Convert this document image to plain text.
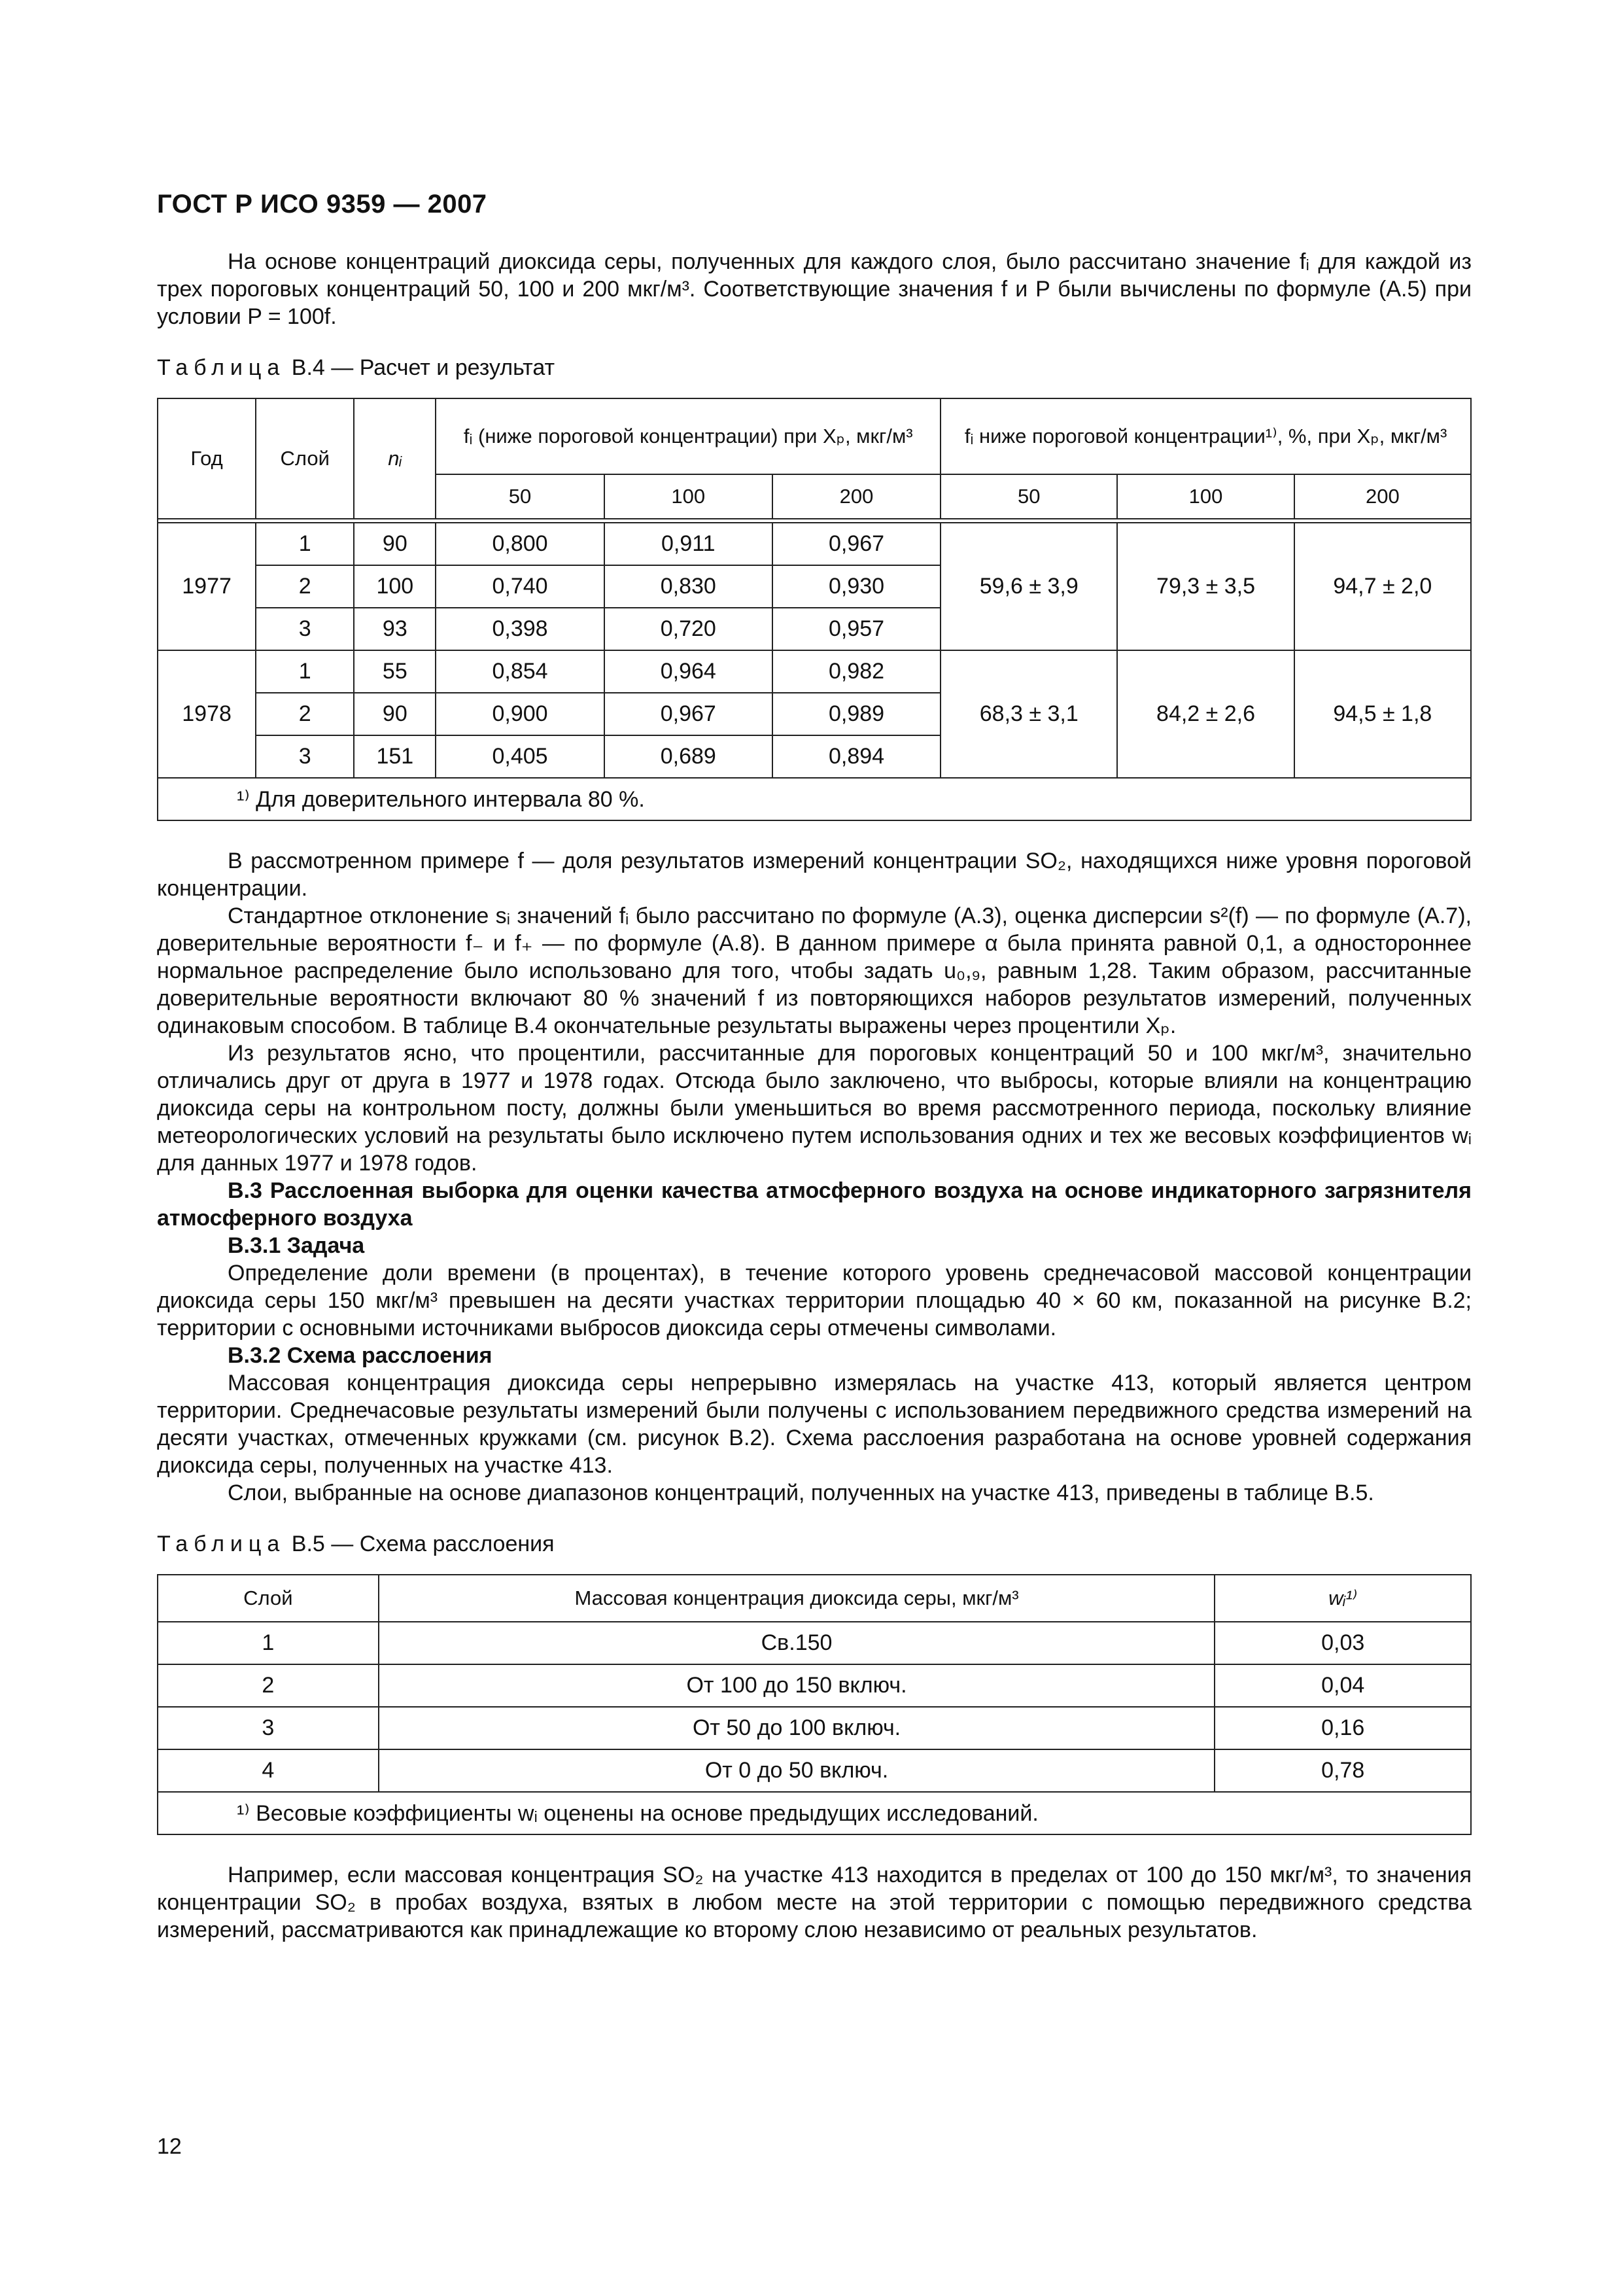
ГОСТ Р ИСО 9359 — 2007

На основе концентраций диоксида серы, полученных для каждого слоя, было рассчитано значение fᵢ для каждой из трех пороговых концентраций 50, 100 и 200 мкг/м³. Соответствующие значения f и P были вычислены по формуле (А.5) при условии P = 100f.

Таблица В.4 — Расчет и результат
Год	Слой	nᵢ	fᵢ (ниже пороговой концентрации) при Xₚ, мкг/м³			fᵢ ниже пороговой концентрации¹⁾, %, при Xₚ, мкг/м³		
			50	100	200	50	100	200

1977	1	90	0,800	0,911	0,967	59,6 ± 3,9	79,3 ± 3,5	94,7 ± 2,0
	2	100	0,740	0,830	0,930			
	3	93	0,398	0,720	0,957			
1978	1	55	0,854	0,964	0,982	68,3 ± 3,1	84,2 ± 2,6	94,5 ± 1,8
	2	90	0,900	0,967	0,989			
	3	151	0,405	0,689	0,894			
¹⁾ Для доверительного интервала 80 %.								

В рассмотренном примере f — доля результатов измерений концентрации SO₂, находящихся ниже уровня пороговой концентрации.

Стандартное отклонение sᵢ значений fᵢ было рассчитано по формуле (А.3), оценка дисперсии s²(f) — по формуле (А.7), доверительные вероятности f₋ и f₊ — по формуле (А.8). В данном примере α была принята равной 0,1, а одностороннее нормальное распределение было использовано для того, чтобы задать u₀,₉, равным 1,28. Таким образом, рассчитанные доверительные вероятности включают 80 % значений f из повторяющихся наборов результатов измерений, полученных одинаковым способом. В таблице В.4 окончательные результаты выражены через процентили Xₚ.

Из результатов ясно, что процентили, рассчитанные для пороговых концентраций 50 и 100 мкг/м³, значительно отличались друг от друга в 1977 и 1978 годах. Отсюда было заключено, что выбросы, которые влияли на концентрацию диоксида серы на контрольном посту, должны были уменьшиться во время рассмотренного периода, поскольку влияние метеорологических условий на результаты было исключено путем использования одних и тех же весовых коэффициентов wᵢ для данных 1977 и 1978 годов.

В.3 Расслоенная выборка для оценки качества атмосферного воздуха на основе индикаторного загрязнителя атмосферного воздуха
В.3.1 Задача

Определение доли времени (в процентах), в течение которого уровень среднечасовой массовой концентрации диоксида серы 150 мкг/м³ превышен на десяти участках территории площадью 40 × 60 км, показанной на рисунке В.2; территории с основными источниками выбросов диоксида серы отмечены символами.

В.3.2 Схема расслоения

Массовая концентрация диоксида серы непрерывно измерялась на участке 413, который является центром территории. Среднечасовые результаты измерений были получены с использованием передвижного средства измерений на десяти участках, отмеченных кружками (см. рисунок В.2). Схема расслоения разработана на основе уровней содержания диоксида серы, полученных на участке 413.

Слои, выбранные на основе диапазонов концентраций, полученных на участке 413, приведены в таблице В.5.

Таблица В.5 — Схема расслоения
Слой	Массовая концентрация диоксида серы, мкг/м³	wᵢ¹⁾
1	Св.150	0,03
2	От 100 до 150 включ.	0,04
3	От 50 до 100 включ.	0,16
4	От 0 до 50 включ.	0,78
¹⁾ Весовые коэффициенты wᵢ оценены на основе предыдущих исследований.		

Например, если массовая концентрация SO₂ на участке 413 находится в пределах от 100 до 150 мкг/м³, то значения концентрации SO₂ в пробах воздуха, взятых в любом месте на этой территории с помощью передвижного средства измерений, рассматриваются как принадлежащие ко второму слою независимо от реальных результатов.

12
